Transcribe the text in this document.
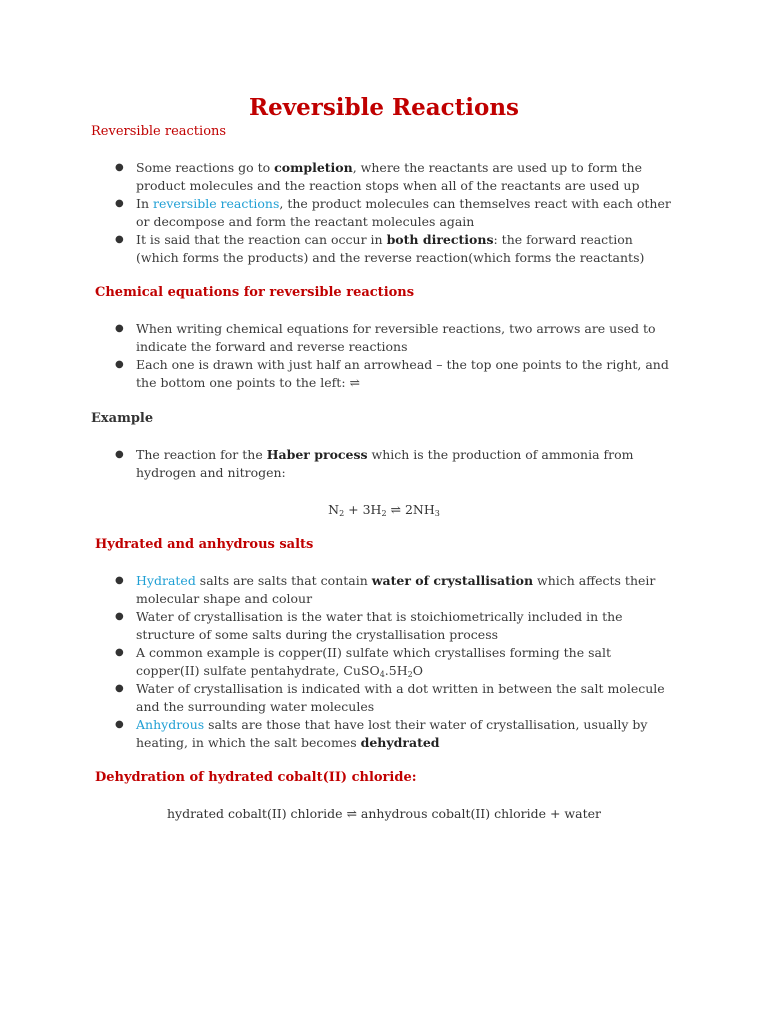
Reversible Reactions
Reversible reactions
● Some reactions go to completion, where the reactants are used up to form the product molecules and the reaction stops when all of the reactants are used up
● In reversible reactions, the product molecules can themselves react with each other or decompose and form the reactant molecules again
● It is said that the reaction can occur in both directions: the forward reaction (which forms the products) and the reverse reaction(which forms the reactants)
Chemical equations for reversible reactions
● When writing chemical equations for reversible reactions, two arrows are used to indicate the forward and reverse reactions
● Each one is drawn with just half an arrowhead – the top one points to the right, and the bottom one points to the left: ⇌
Example
● The reaction for the Haber process which is the production of ammonia from hydrogen and nitrogen:

$N_2 + 3H_2$ ⇌ $2NH_3$

Hydrated and anhydrous salts
● Hydrated salts are salts that contain water of crystallisation which affects their molecular shape and colour
● Water of crystallisation is the water that is stoichiometrically included in the structure of some salts during the crystallisation process
● A common example is copper(II) sulfate which crystallises forming the salt copper(II) sulfate pentahydrate, $CuSO_4.5H_2O$
● Water of crystallisation is indicated with a dot written in between the salt molecule and the surrounding water molecules
● Anhydrous salts are those that have lost their water of crystallisation, usually by heating, in which the salt becomes dehydrated
Dehydration of hydrated cobalt(II) chloride:

hydrated cobalt(II) chloride ⇌ anhydrous cobalt(II) chloride + water
